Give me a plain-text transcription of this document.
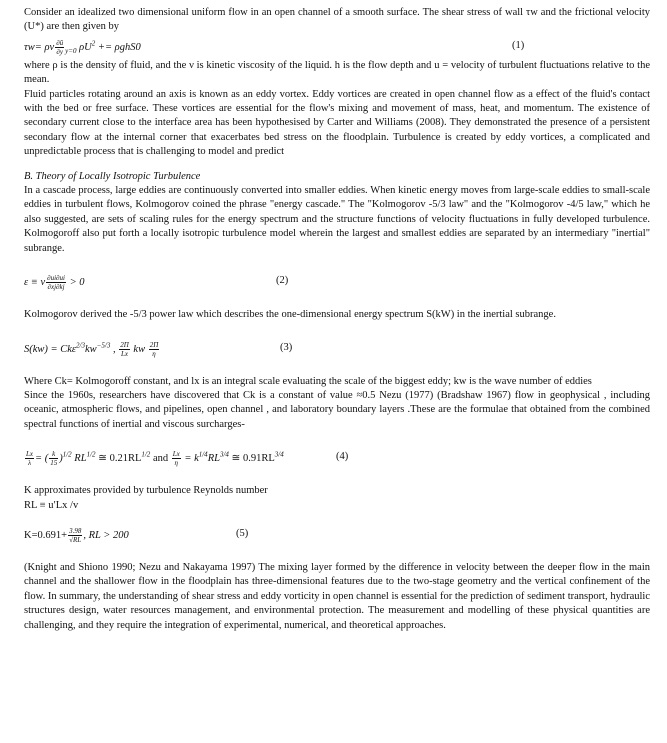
Consider an idealized two dimensional uniform flow in an open channel of a smooth surface. The shear stress of wall τw and the frictional velocity (U*) are then given by

τw= ρv $\frac{\partial ū}{\partial y} _{y=0}$ $\rho U^2 += \rho ghS0$	(1)

where ρ is the density of fluid, and the ν is kinetic viscosity of the liquid. h is the flow depth and u = velocity of turbulent fluctuations relative to the mean.

Fluid particles rotating around an axis is known as an eddy vortex. Eddy vortices are created in open channel flow as a effect of the fluid's contact with the bed or free surface. These vortices are essential for the flow's mixing and movement of mass, heat, and momentum. The existence of secondary current close to the interface area has been hypothesised by Carter and Williams (2008). They demonstrated the presence of a persistent secondary flow at the internal corner that exacerbates bed stress on the floodplain. Turbulence is created by eddy vortices, a complicated and unpredictable process that is challenging to model and predict

B. Theory of Locally Isotropic Turbulence

In a cascade process, large eddies are continuously converted into smaller eddies. When kinetic energy moves from large-scale eddies to small-scale eddies in turbulent flows, Kolmogorov coined the phrase "energy cascade." The "Kolmogorov -5/3 law" and the "Kolmogorov -4/5 law," which he also suggested, are sets of scaling rules for the energy spectrum and the structure functions of velocity fluctuations in fully developed turbulence. Kolmogoroff also put forth a locally isotropic turbulence model wherein the largest and smallest eddies are separated by an intermediary "inertial" subrange.

ε ≡ ν $\frac{\partial ui\partial ui}{\partial xj\partial kj} > 0$	(2)

Kolmogorov derived the -5/3 power law which describes the one-dimensional energy spectrum S(kW) in the inertial subrange.

$S(kw) = Ck\varepsilon^{2/3}kw^{-5/3}$ , $\frac{2\Pi}{Lx}$ kw $\frac{2\Pi}{\eta}$	(3)

Where Ck= Kolmogoroff constant, and lx is an integral scale evaluating the scale of the biggest eddy; kw is the wave number of eddies

Since the 1960s, researchers have discovered that Ck is a constant of value ≈0.5 Nezu (1977) (Bradshaw 1967) flow in geophysical , including oceanic, atmospheric flows, and pipelines, open channel , and laboratory boundary layers .These are the formulae that obtained from the combined spectral functions of inertial and viscous surcharges-

$\frac{Lx}{\lambda}$ = ( $\frac{k}{15} )^{1/2}$ $RL^{1/2}$ ≅ $0.21RL^{1/2}$ and $\frac{Lx}{\eta} = k^{1/4}RL^{3/4}$ ≅ $0.91RL^{3/4}$	(4)

K approximates provided by turbulence Reynolds number

RL ≡ u′Lx /v

$K=0.691+ \frac{3.98}{√RL}$ , RL > 200	(5)

(Knight and Shiono 1990; Nezu and Nakayama 1997) The mixing layer formed by the difference in velocity between the deeper flow in the main channel and the shallower flow in the floodplain has three-dimensional features due to the two-stage geometry and the vertical confinement of the flow. In summary, the understanding of shear stress and eddy vorticity in open channel is essential for the prediction of sediment transport, hydraulic structures design, water resources management, and environmental protection. The measurement and modelling of these physical quantities are challenging, and they require the integration of experimental, numerical, and theoretical approaches.
